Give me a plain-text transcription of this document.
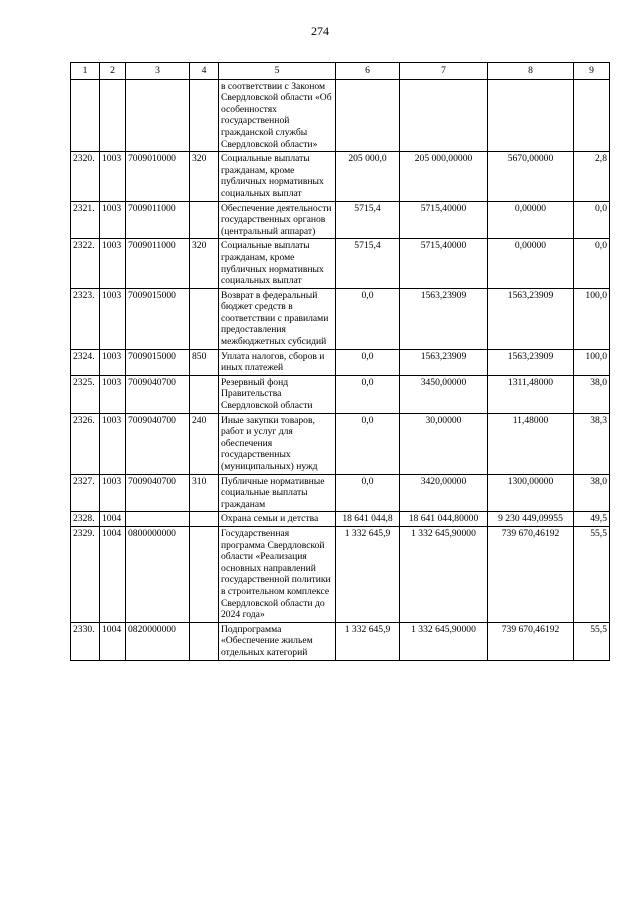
274
1	2	3	4	5	6	7	8	9
				в соответствии с Законом Свердловской области «Об особенностях государственной гражданской службы Свердловской области»				
2320.	1003	7009010000	320	Социальные выплаты гражданам, кроме публичных нормативных социальных выплат	205 000,0	205 000,00000	5670,00000	2,8
2321.	1003	7009011000		Обеспечение деятельности государственных органов (центральный аппарат)	5715,4	5715,40000	0,00000	0,0
2322.	1003	7009011000	320	Социальные выплаты гражданам, кроме публичных нормативных социальных выплат	5715,4	5715,40000	0,00000	0,0
2323.	1003	7009015000		Возврат в федеральный бюджет средств в соответствии с правилами предоставления межбюджетных субсидий	0,0	1563,23909	1563,23909	100,0
2324.	1003	7009015000	850	Уплата налогов, сборов и иных платежей	0,0	1563,23909	1563,23909	100,0
2325.	1003	7009040700		Резервный фонд Правительства Свердловской области	0,0	3450,00000	1311,48000	38,0
2326.	1003	7009040700	240	Иные закупки товаров, работ и услуг для обеспечения государственных (муниципальных) нужд	0,0	30,00000	11,48000	38,3
2327.	1003	7009040700	310	Публичные нормативные социальные выплаты гражданам	0,0	3420,00000	1300,00000	38,0
2328.	1004			Охрана семьи и детства	18 641 044,8	18 641 044,80000	9 230 449,09955	49,5
2329.	1004	0800000000		Государственная программа Свердловской области «Реализация основных направлений государственной политики в строительном комплексе Свердловской области до 2024 года»	1 332 645,9	1 332 645,90000	739 670,46192	55,5
2330.	1004	0820000000		Подпрограмма «Обеспечение жильем отдельных категорий	1 332 645,9	1 332 645,90000	739 670,46192	55,5
